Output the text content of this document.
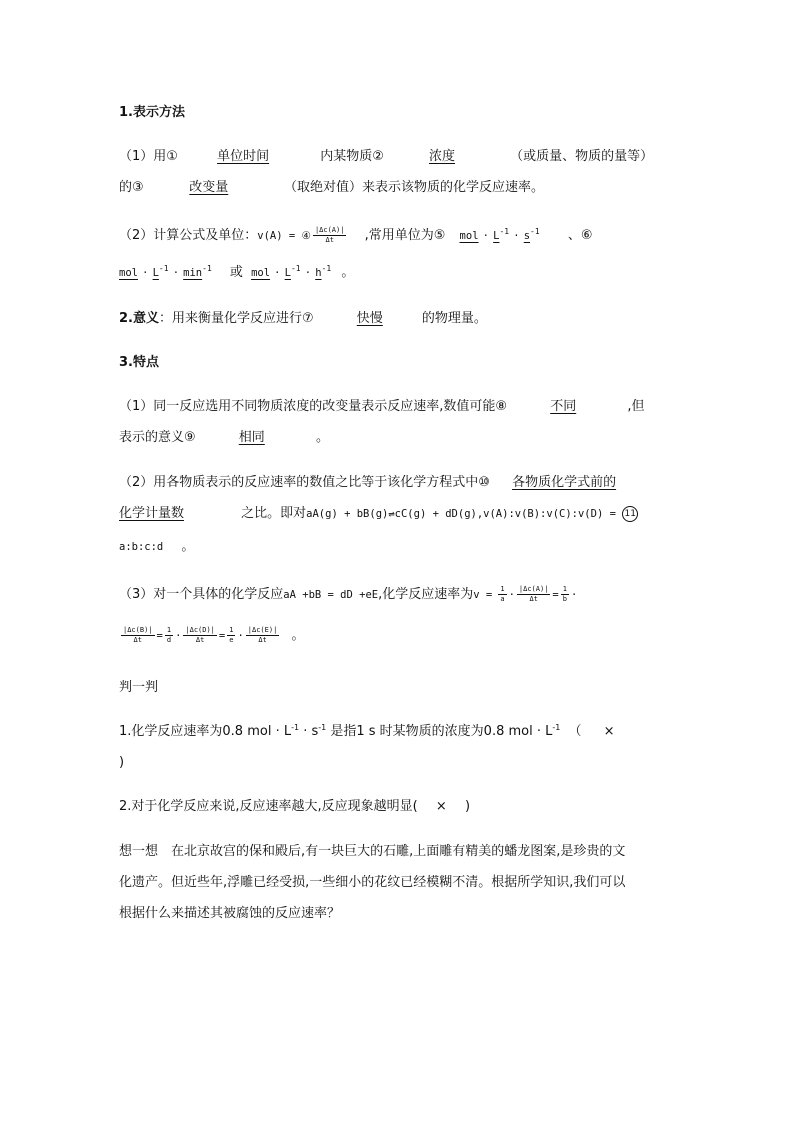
1.表示方法
（1）用①	单位时间	内某物质②	浓度	（或质量、物质的量等）
的③	改变量	（取绝对值）来表示该物质的化学反应速率。
（2）计算公式及单位：v(A) = ④ $\frac{|\Delta c(A)|}{\Delta t}$ ,常用单位为⑤ mol · $L^{-1} \cdot s^{-1}$ 、⑥
mol · $L^{-1} \cdot \min^{-1}$ 或 mol · $L^{-1} \cdot h^{-1}$ 。
2.意义：用来衡量化学反应进行⑦	快慢	的物理量。
3.特点
（1）同一反应选用不同物质浓度的改变量表示反应速率,数值可能⑧	不同	,但
表示的意义⑨	相同	。
（2）用各物质表示的反应速率的数值之比等于该化学方程式中⑩ 各物质化学式前的
化学计量数	之比。即对aA(g) + bB(g)⇌cC(g) + dD(g),v(A):v(B):v(C):v(D) = 11
a:b:c:d 。
（3）对一个具体的化学反应aA +bB = dD +eE,化学反应速率为$v = \frac{1}{a} \cdot \frac{|\Delta c(A)|}{\Delta t} = \frac{1}{b}$ ·
$\frac{|\Delta c(B)|}{\Delta t} = \frac{1}{d} \cdot \frac{|\Delta c(D)|}{\Delta t} = \frac{1}{e} \cdot \frac{|\Delta c(E)|}{\Delta t}$ 。
判一判
1.化学反应速率为0.8 mol · $L^{-1} \cdot s^{-1}$ 是指1 s 时某物质的浓度为0.8 mol · $L^{-1}$ （ ×
)
2.对于化学反应来说,反应速率越大,反应现象越明显( × )
想一想　在北京故宫的保和殿后,有一块巨大的石雕,上面雕有精美的蟠龙图案,是珍贵的文
化遗产。但近些年,浮雕已经受损,一些细小的花纹已经模糊不清。根据所学知识,我们可以
根据什么来描述其被腐蚀的反应速率？
